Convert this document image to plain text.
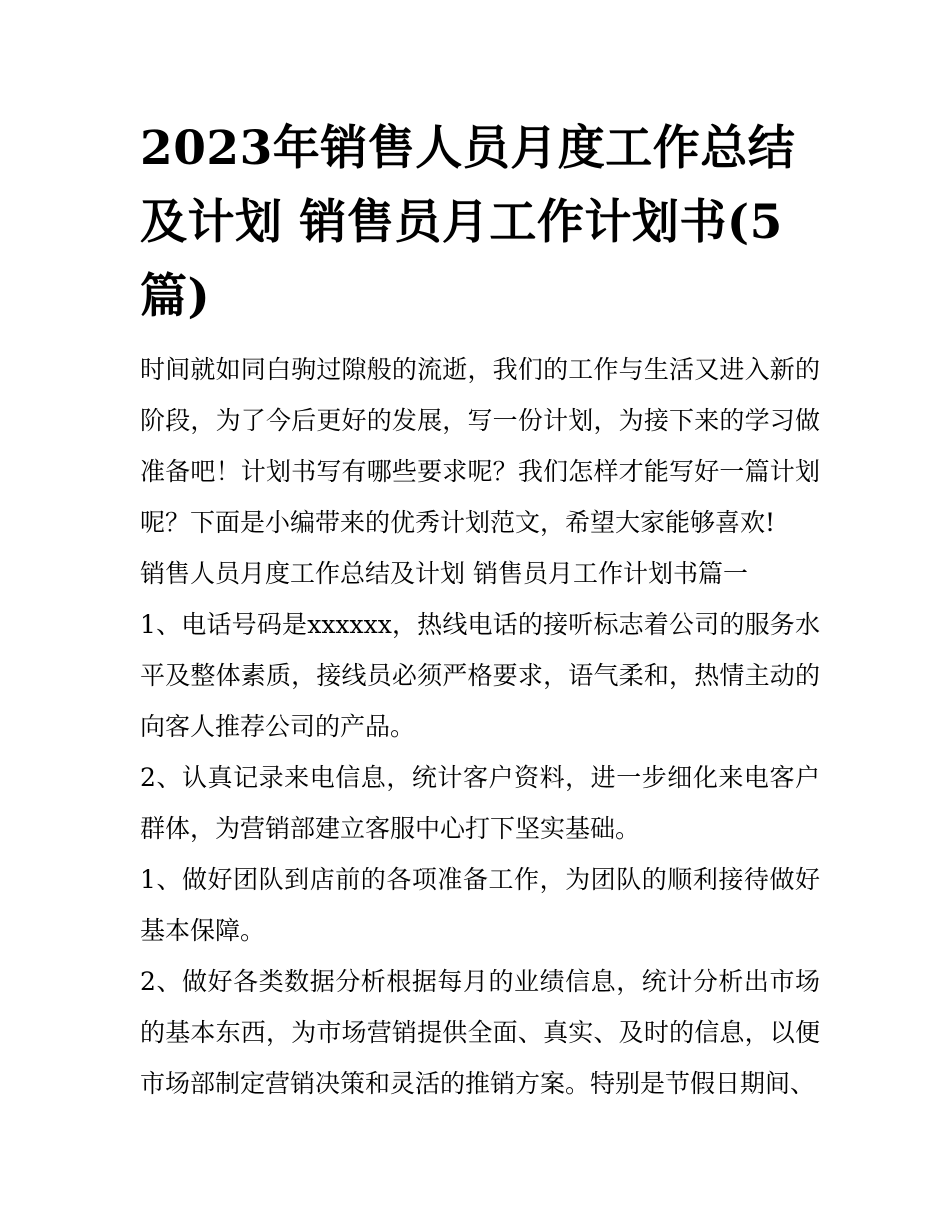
2023年销售人员月度工作总结及计划 销售员月工作计划书(5篇)

时间就如同白驹过隙般的流逝，我们的工作与生活又进入新的阶段，为了今后更好的发展，写一份计划，为接下来的学习做准备吧！计划书写有哪些要求呢？我们怎样才能写好一篇计划呢？下面是小编带来的优秀计划范文，希望大家能够喜欢!

销售人员月度工作总结及计划 销售员月工作计划书篇一

1、电话号码是xxxxxx，热线电话的接听标志着公司的服务水平及整体素质，接线员必须严格要求，语气柔和，热情主动的向客人推荐公司的产品。

2、认真记录来电信息，统计客户资料，进一步细化来电客户群体，为营销部建立客服中心打下坚实基础。

1、做好团队到店前的各项准备工作，为团队的顺利接待做好基本保障。

2、做好各类数据分析根据每月的业绩信息，统计分析出市场的基本东西，为市场营销提供全面、真实、及时的信息，以便市场部制定营销决策和灵活的推销方案。特别是节假日期间、
